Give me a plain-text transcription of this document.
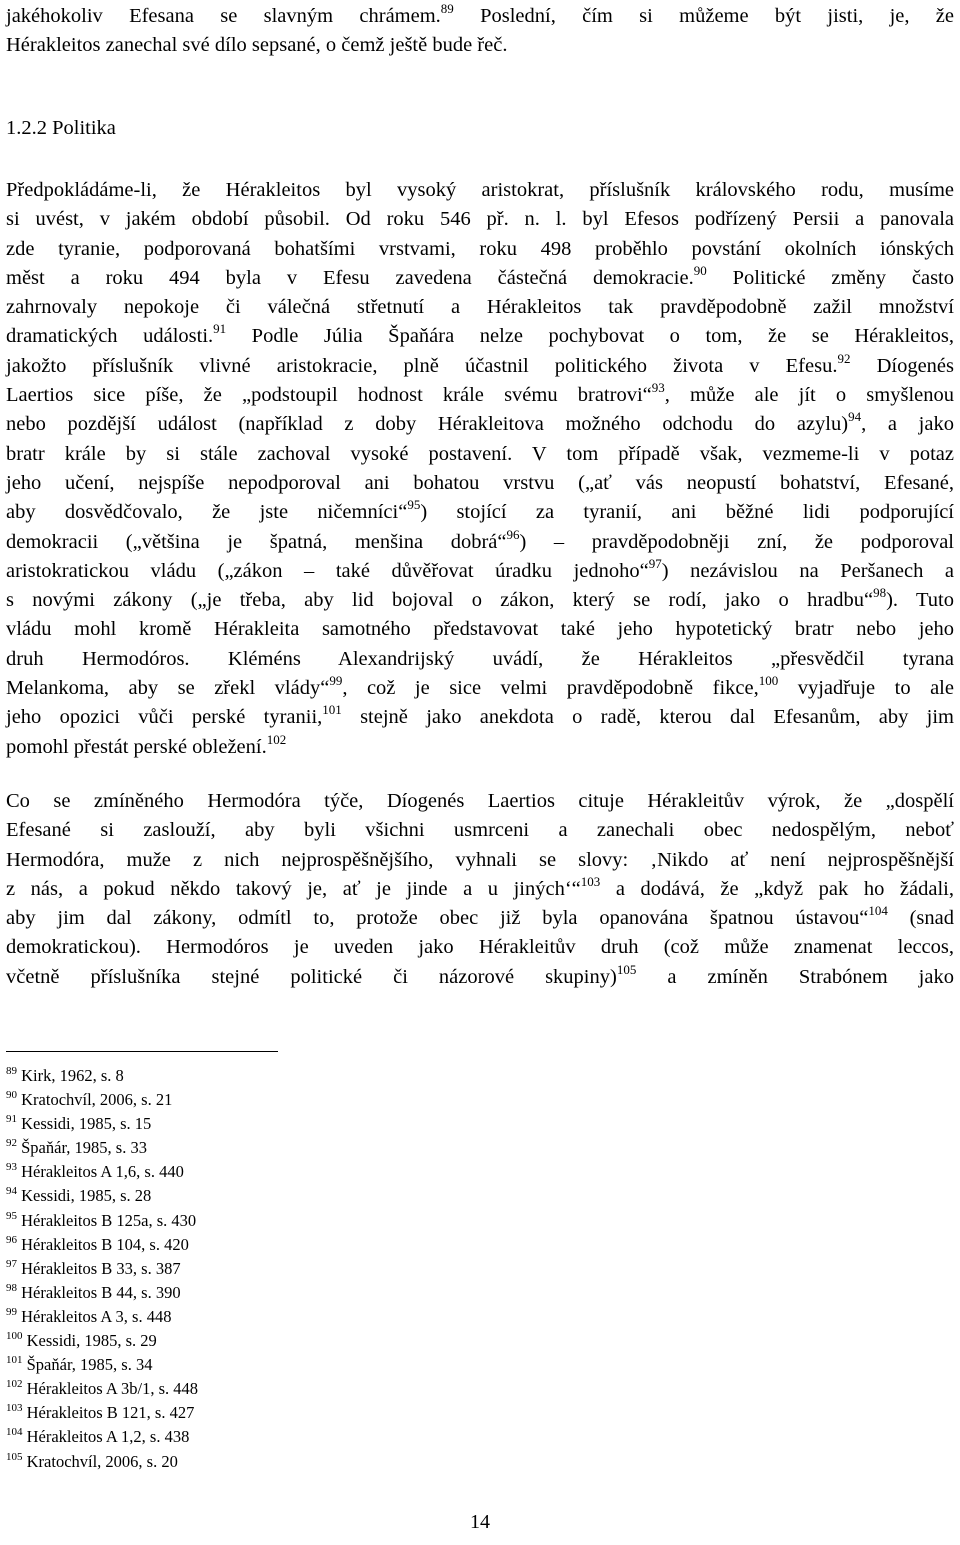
jakéhokoliv Efesana se slavným chrámem.$^{89}$ Poslední, čím si můžeme být jisti, je, že
Hérakleitos zanechal své dílo sepsané, o čemž ještě bude řeč.

1.2.2 Politika

Předpokládáme-li, že Hérakleitos byl vysoký aristokrat, příslušník královského rodu, musíme
si uvést, v jakém období působil. Od roku 546 př. n. l. byl Efesos podřízený Persii a panovala
zde tyranie, podporovaná bohatšími vrstvami, roku 498 proběhlo povstání okolních iónských
měst a roku 494 byla v Efesu zavedena částečná demokracie.$^{90}$ Politické změny často
zahrnovaly nepokoje či válečná střetnutí a Hérakleitos tak pravděpodobně zažil množství
dramatických události.$^{91}$ Podle Júlia Špaňára nelze pochybovat o tom, že se Hérakleitos,
jakožto příslušník vlivné aristokracie, plně účastnil politického života v Efesu.$^{92}$ Díogenés
Laertios sice píše, že „podstoupil hodnost krále svému bratrovi“$^{93}$, může ale jít o smyšlenou
nebo pozdější událost (například z doby Hérakleitova možného odchodu do azylu)$^{94}$, a jako
bratr krále by si stále zachoval vysoké postavení. V tom případě však, vezmeme-li v potaz
jeho učení, nejspíše nepodporoval ani bohatou vrstvu („ať vás neopustí bohatství, Efesané,
aby dosvědčovalo, že jste ničemníci“$^{95}$) stojící za tyranií, ani běžné lidi podporující
demokracii („většina je špatná, menšina dobrá“$^{96}$) – pravděpodobněji zní, že podporoval
aristokratickou vládu („zákon – také důvěřovat úradku jednoho“$^{97}$) nezávislou na Peršanech a
s novými zákony („je třeba, aby lid bojoval o zákon, který se rodí, jako o hradbu“$^{98}$). Tuto
vládu mohl kromě Hérakleita samotného představovat také jeho hypotetický bratr nebo jeho
druh Hermodóros. Kléméns Alexandrijský uvádí, že Hérakleitos „přesvědčil tyrana
Melankoma, aby se zřekl vlády“$^{99}$, což je sice velmi pravděpodobně fikce,$^{100}$ vyjadřuje to ale
jeho opozici vůči perské tyranii,$^{101}$ stejně jako anekdota o radě, kterou dal Efesanům, aby jim
pomohl přestát perské obležení.$^{102}$

Co se zmíněného Hermodóra týče, Díogenés Laertios cituje Hérakleitův výrok, že „dospělí
Efesané si zaslouží, aby byli všichni usmrceni a zanechali obec nedospělým, neboť
Hermodóra, muže z nich nejprospěšnějšího, vyhnali se slovy: ‚Nikdo ať není nejprospěšnější
z nás, a pokud někdo takový je, ať je jinde a u jiných‘“$^{103}$ a dodává, že „když pak ho žádali,
aby jim dal zákony, odmítl to, protože obec již byla opanována špatnou ústavou“$^{104}$ (snad
demokratickou). Hermodóros je uveden jako Hérakleitův druh (což může znamenat leccos,
včetně příslušníka stejné politické či názorové skupiny)$^{105}$ a zmíněn Strabónem jako

$^{89}$ Kirk, 1962, s. 8
$^{90}$ Kratochvíl, 2006, s. 21
$^{91}$ Kessidi, 1985, s. 15
$^{92}$ Špaňár, 1985, s. 33
$^{93}$ Hérakleitos A 1,6, s. 440
$^{94}$ Kessidi, 1985, s. 28
$^{95}$ Hérakleitos B 125a, s. 430
$^{96}$ Hérakleitos B 104, s. 420
$^{97}$ Hérakleitos B 33, s. 387
$^{98}$ Hérakleitos B 44, s. 390
$^{99}$ Hérakleitos A 3, s. 448
$^{100}$ Kessidi, 1985, s. 29
$^{101}$ Špaňár, 1985, s. 34
$^{102}$ Hérakleitos A 3b/1, s. 448
$^{103}$ Hérakleitos B 121, s. 427
$^{104}$ Hérakleitos A 1,2, s. 438
$^{105}$ Kratochvíl, 2006, s. 20
14
